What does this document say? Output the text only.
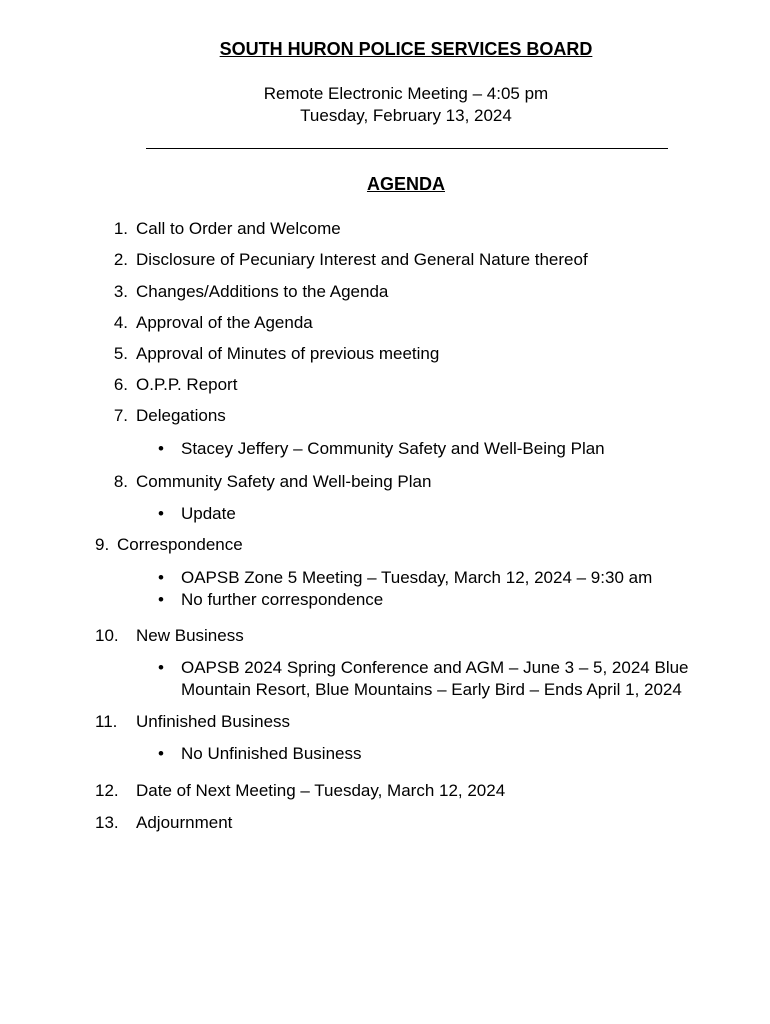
SOUTH HURON POLICE SERVICES BOARD
Remote Electronic Meeting – 4:05 pm
Tuesday, February 13, 2024
AGENDA
1. Call to Order and Welcome
2. Disclosure of Pecuniary Interest and General Nature thereof
3. Changes/Additions to the Agenda
4. Approval of the Agenda
5. Approval of Minutes of previous meeting
6. O.P.P. Report
7. Delegations
• Stacey Jeffery – Community Safety and Well-Being Plan
8. Community Safety and Well-being Plan
• Update
9. Correspondence
• OAPSB Zone 5 Meeting – Tuesday, March 12, 2024 – 9:30 am
• No further correspondence
10.	New Business
• OAPSB 2024 Spring Conference and AGM – June 3 – 5, 2024 Blue
Mountain Resort, Blue Mountains – Early Bird – Ends April 1, 2024
11.	Unfinished Business
• No Unfinished Business
12.	Date of Next Meeting – Tuesday, March 12, 2024
13.	Adjournment
